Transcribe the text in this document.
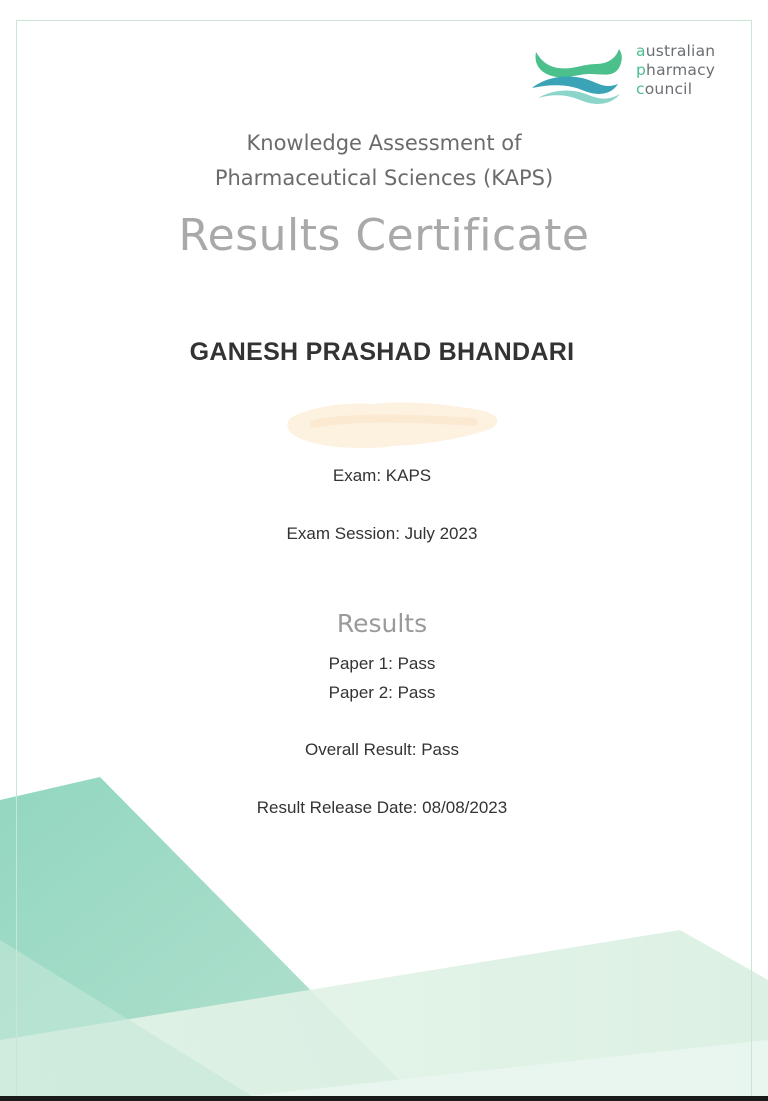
australian
pharmacy
council
Knowledge Assessment of
Pharmaceutical Sciences (KAPS)
Results Certificate
GANESH PRASHAD BHANDARI
Exam: KAPS
Exam Session: July 2023
Results
Paper 1: Pass
Paper 2: Pass
Overall Result: Pass
Result Release Date: 08/08/2023
